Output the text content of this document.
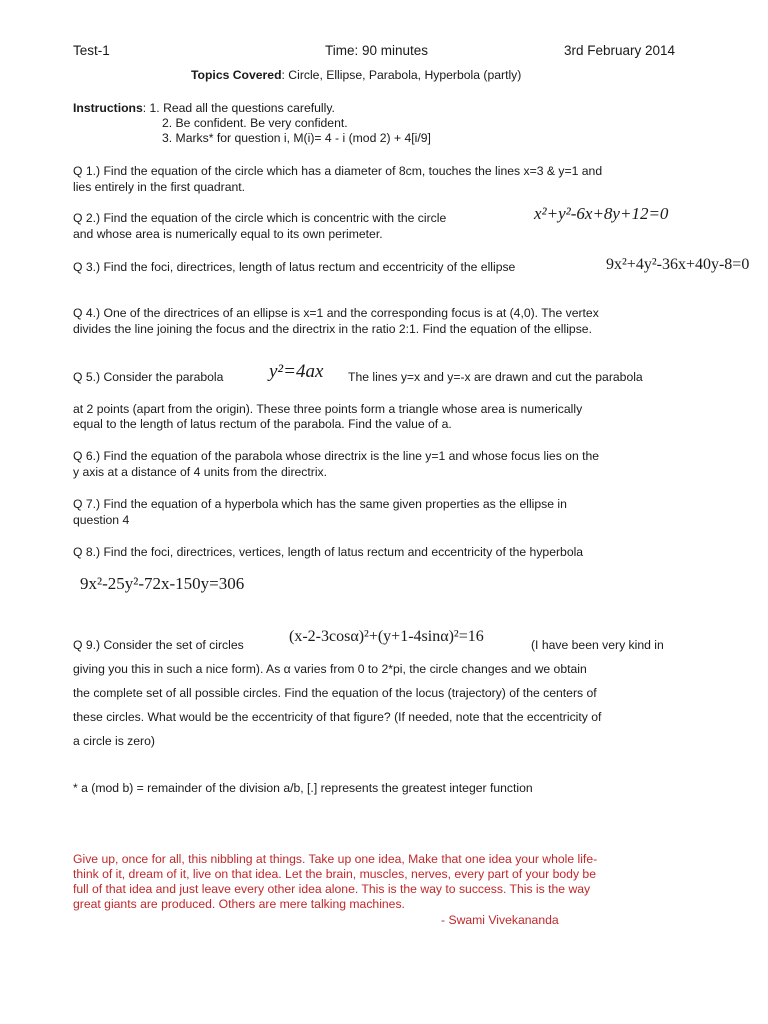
Test-1	Time: 90 minutes	3rd February 2014
Topics Covered: Circle, Ellipse, Parabola, Hyperbola (partly)
Instructions: 1. Read all the questions carefully.
2. Be confident. Be very confident.
3. Marks* for question i, M(i)= 4 - i (mod 2) + 4[i/9]
Q 1.) Find the equation of the circle which has a diameter of 8cm, touches the lines x=3 & y=1 and
lies entirely in the first quadrant.
Q 2.) Find the equation of the circle which is concentric with the circle	x²+y²-6x+8y+12=0
and whose area is numerically equal to its own perimeter.
Q 3.) Find the foci, directrices, length of latus rectum and eccentricity of the ellipse	9x²+4y²-36x+40y-8=0
Q 4.) One of the directrices of an ellipse is x=1 and the corresponding focus is at (4,0). The vertex
divides the line joining the focus and the directrix in the ratio 2:1. Find the equation of the ellipse.
Q 5.) Consider the parabola y²=4ax The lines y=x and y=-x are drawn and cut the parabola
at 2 points (apart from the origin). These three points form a triangle whose area is numerically
equal to the length of latus rectum of the parabola. Find the value of a.
Q 6.) Find the equation of the parabola whose directrix is the line y=1 and whose focus lies on the
y axis at a distance of 4 units from the directrix.
Q 7.) Find the equation of a hyperbola which has the same given properties as the ellipse in
question 4
Q 8.) Find the foci, directrices, vertices, length of latus rectum and eccentricity of the hyperbola
9x²-25y²-72x-150y=306
Q 9.) Consider the set of circles	(x-2-3cosα)²+(y+1-4sinα)²=16	(I have been very kind in
giving you this in such a nice form). As α varies from 0 to 2*pi, the circle changes and we obtain
the complete set of all possible circles. Find the equation of the locus (trajectory) of the centers of
these circles. What would be the eccentricity of that figure? (If needed, note that the eccentricity of
a circle is zero)
* a (mod b) = remainder of the division a/b, [.] represents the greatest integer function
Give up, once for all, this nibbling at things. Take up one idea, Make that one idea your whole life-
think of it, dream of it, live on that idea. Let the brain, muscles, nerves, every part of your body be
full of that idea and just leave every other idea alone. This is the way to success. This is the way
great giants are produced. Others are mere talking machines.
- Swami Vivekananda
